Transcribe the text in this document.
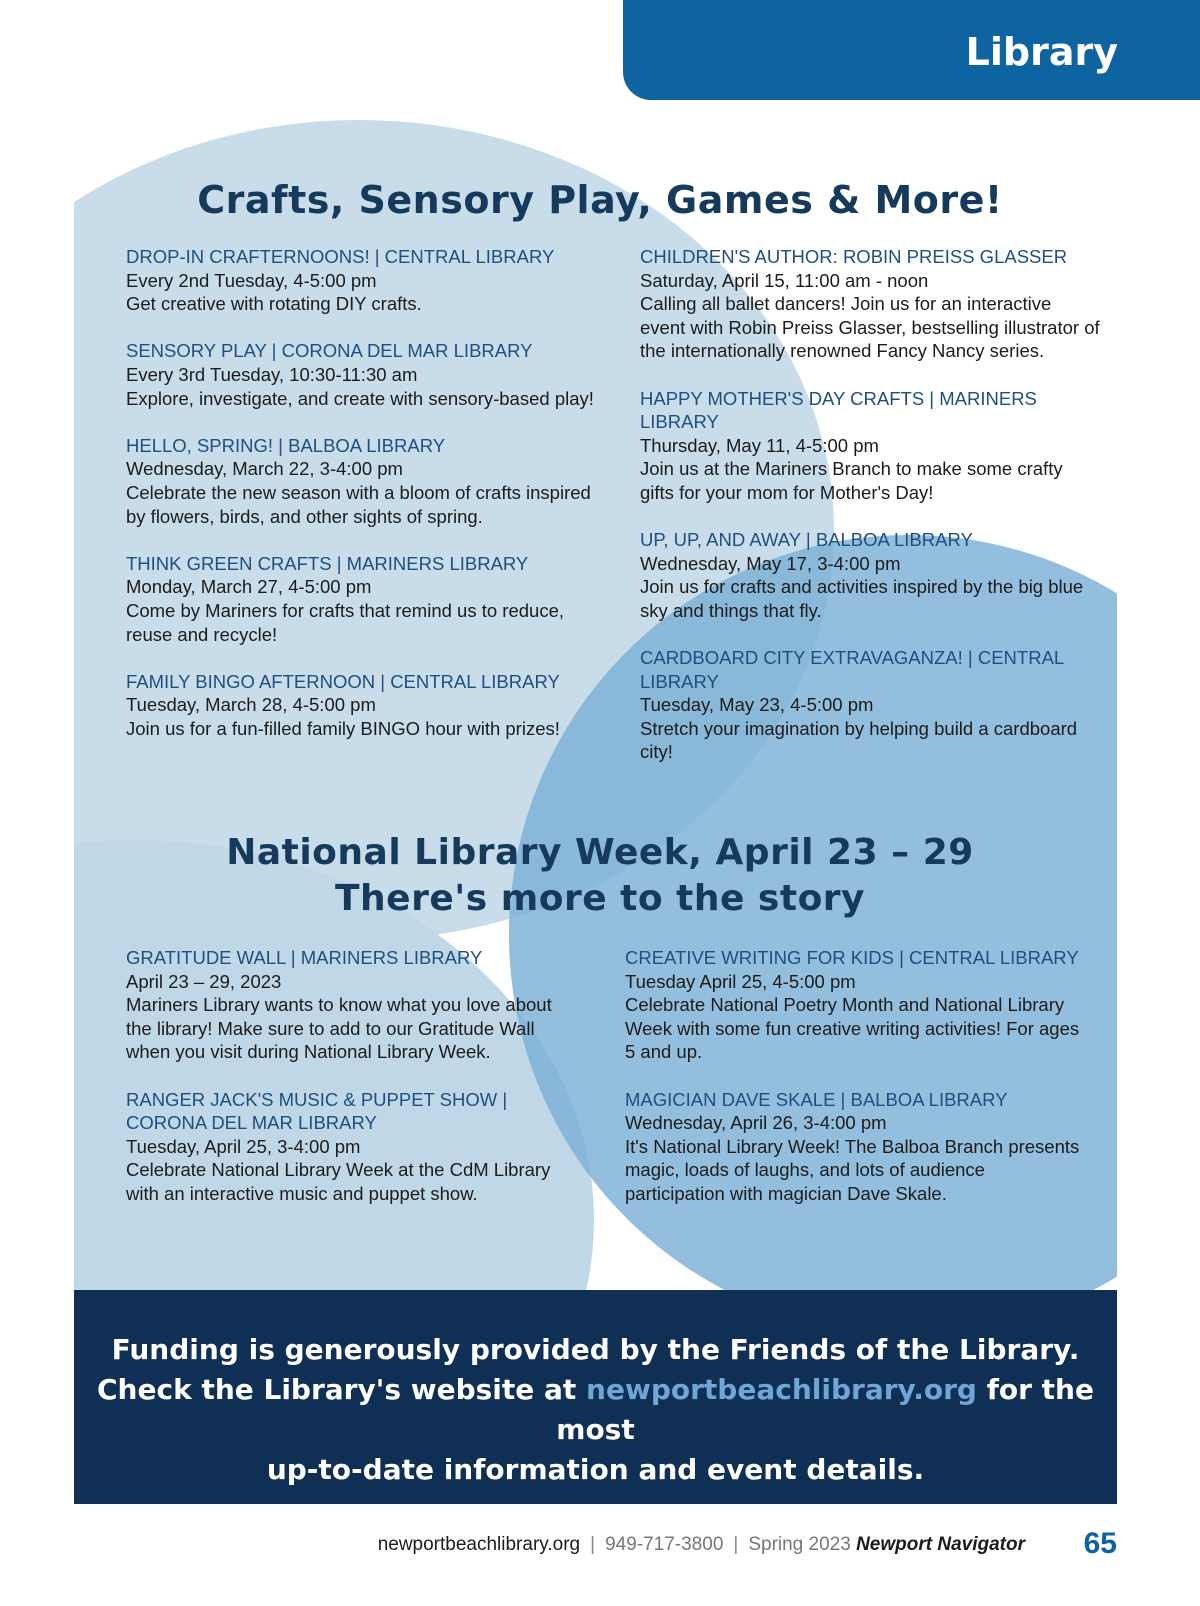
Library
Crafts, Sensory Play, Games & More!
DROP-IN CRAFTERNOONS! | CENTRAL LIBRARY
Every 2nd Tuesday, 4-5:00 pm
Get creative with rotating DIY crafts.
SENSORY PLAY | CORONA DEL MAR LIBRARY
Every 3rd Tuesday, 10:30-11:30 am
Explore, investigate, and create with sensory-based play!
HELLO, SPRING! | BALBOA LIBRARY
Wednesday, March 22, 3-4:00 pm
Celebrate the new season with a bloom of crafts inspired by flowers, birds, and other sights of spring.
THINK GREEN CRAFTS | MARINERS LIBRARY
Monday, March 27, 4-5:00 pm
Come by Mariners for crafts that remind us to reduce, reuse and recycle!
FAMILY BINGO AFTERNOON | CENTRAL LIBRARY
Tuesday, March 28, 4-5:00 pm
Join us for a fun-filled family BINGO hour with prizes!
CHILDREN'S AUTHOR: ROBIN PREISS GLASSER
Saturday, April 15, 11:00 am - noon
Calling all ballet dancers! Join us for an interactive event with Robin Preiss Glasser, bestselling illustrator of the internationally renowned Fancy Nancy series.
HAPPY MOTHER'S DAY CRAFTS | MARINERS LIBRARY
Thursday, May 11, 4-5:00 pm
Join us at the Mariners Branch to make some crafty gifts for your mom for Mother's Day!
UP, UP, AND AWAY | BALBOA LIBRARY
Wednesday, May 17, 3-4:00 pm
Join us for crafts and activities inspired by the big blue sky and things that fly.
CARDBOARD CITY EXTRAVAGANZA! | CENTRAL LIBRARY
Tuesday, May 23, 4-5:00 pm
Stretch your imagination by helping build a cardboard city!
National Library Week, April 23 – 29
There's more to the story
GRATITUDE WALL | MARINERS LIBRARY
April 23 – 29, 2023
Mariners Library wants to know what you love about the library! Make sure to add to our Gratitude Wall when you visit during National Library Week.
RANGER JACK'S MUSIC & PUPPET SHOW | CORONA DEL MAR LIBRARY
Tuesday, April 25, 3-4:00 pm
Celebrate National Library Week at the CdM Library with an interactive music and puppet show.
CREATIVE WRITING FOR KIDS | CENTRAL LIBRARY
Tuesday April 25, 4-5:00 pm
Celebrate National Poetry Month and National Library Week with some fun creative writing activities! For ages 5 and up.
MAGICIAN DAVE SKALE | BALBOA LIBRARY
Wednesday, April 26, 3-4:00 pm
It's National Library Week! The Balboa Branch presents magic, loads of laughs, and lots of audience participation with magician Dave Skale.
Funding is generously provided by the Friends of the Library.
Check the Library's website at newportbeachlibrary.org for the most
up-to-date information and event details.
newportbeachlibrary.org | 949-717-3800 | Spring 2023 Newport Navigator 65
